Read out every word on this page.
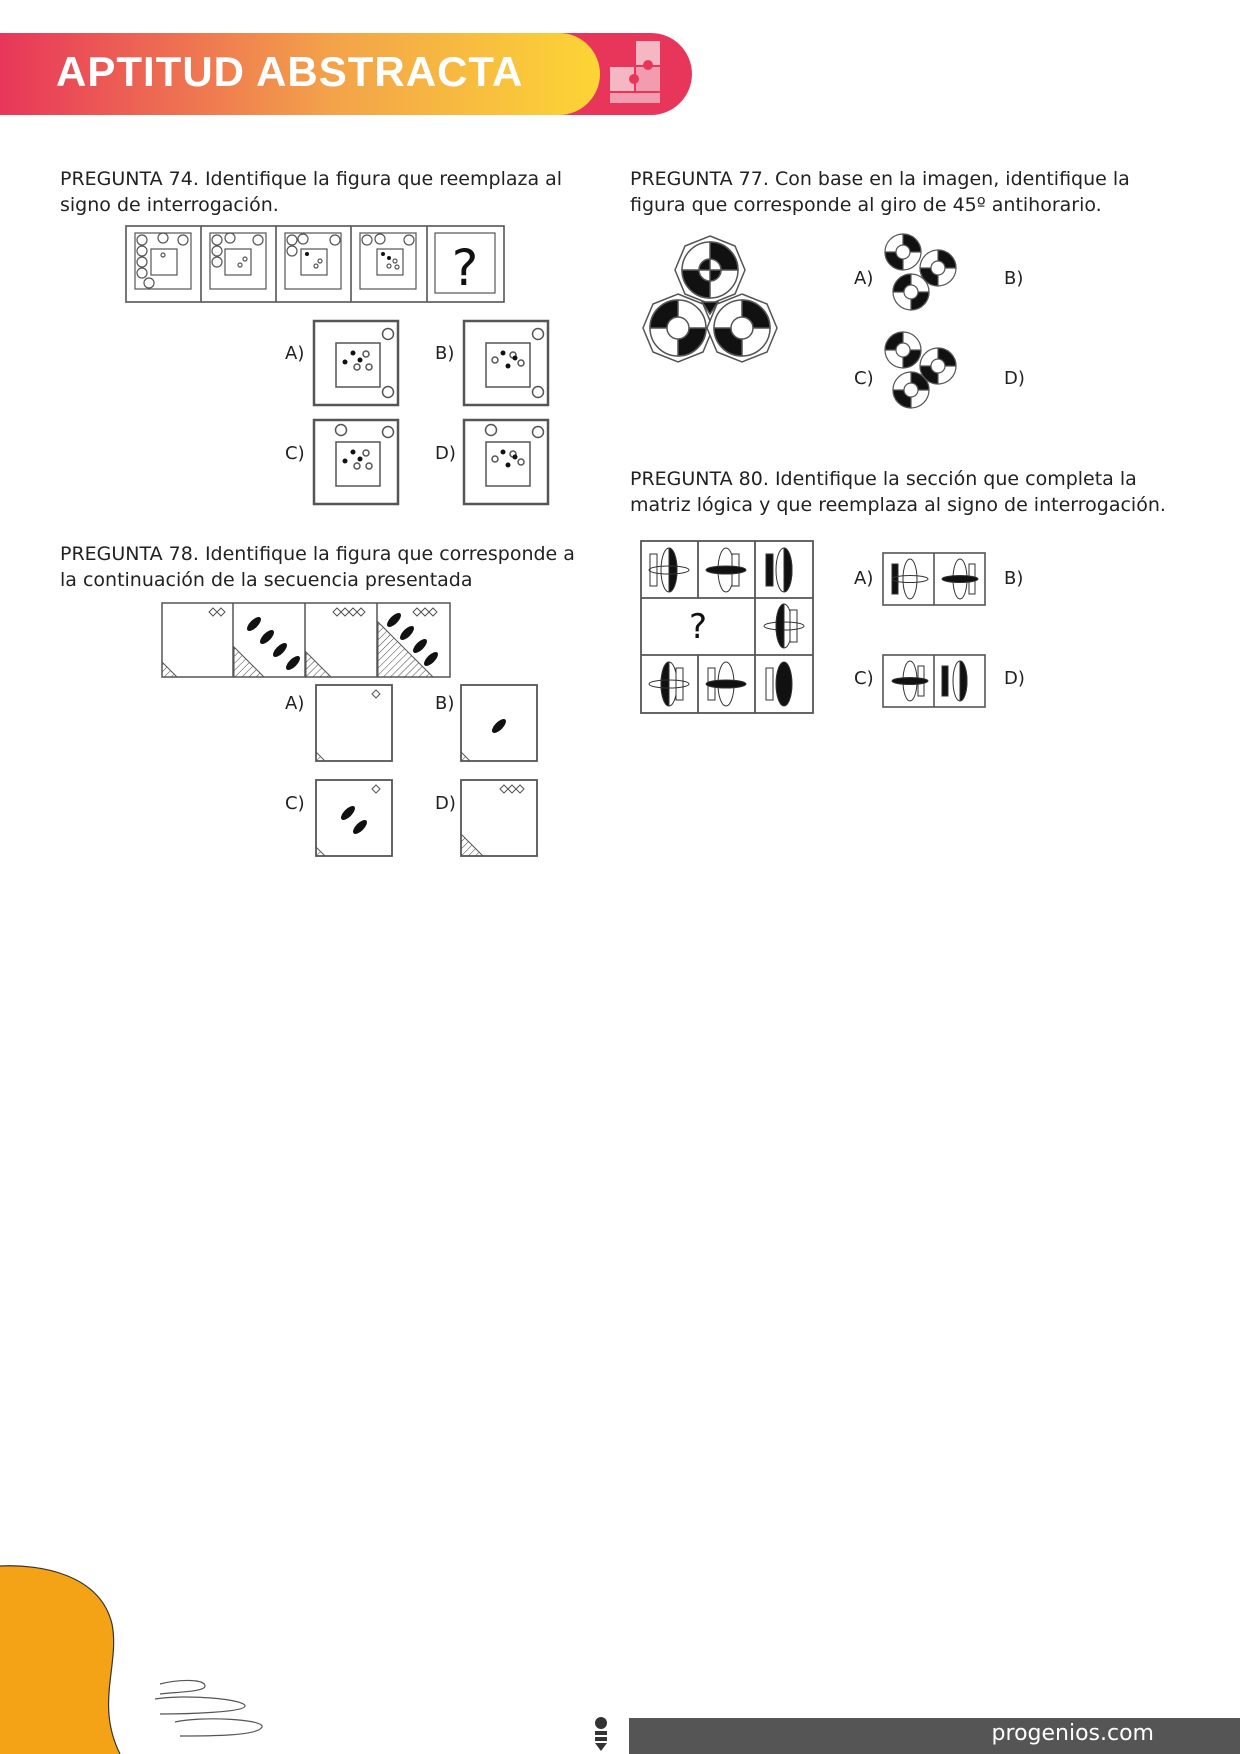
APTITUD ABSTRACTA
PREGUNTA 74. Identifique la figura que reemplaza al
signo de interrogación.
?
A)	B)
C)	D)
PREGUNTA 78. Identifique la figura que corresponde a
la continuación de la secuencia presentada
A)	B)
C)	D)
PREGUNTA 77. Con base en la imagen, identifique la
figura que corresponde al giro de 45º antihorario.
A)	B)
C)	D)
PREGUNTA 80. Identifique la sección que completa la
matriz lógica y que reemplaza al signo de interrogación.
?
A)	B)
C)	D)
progenios.com
